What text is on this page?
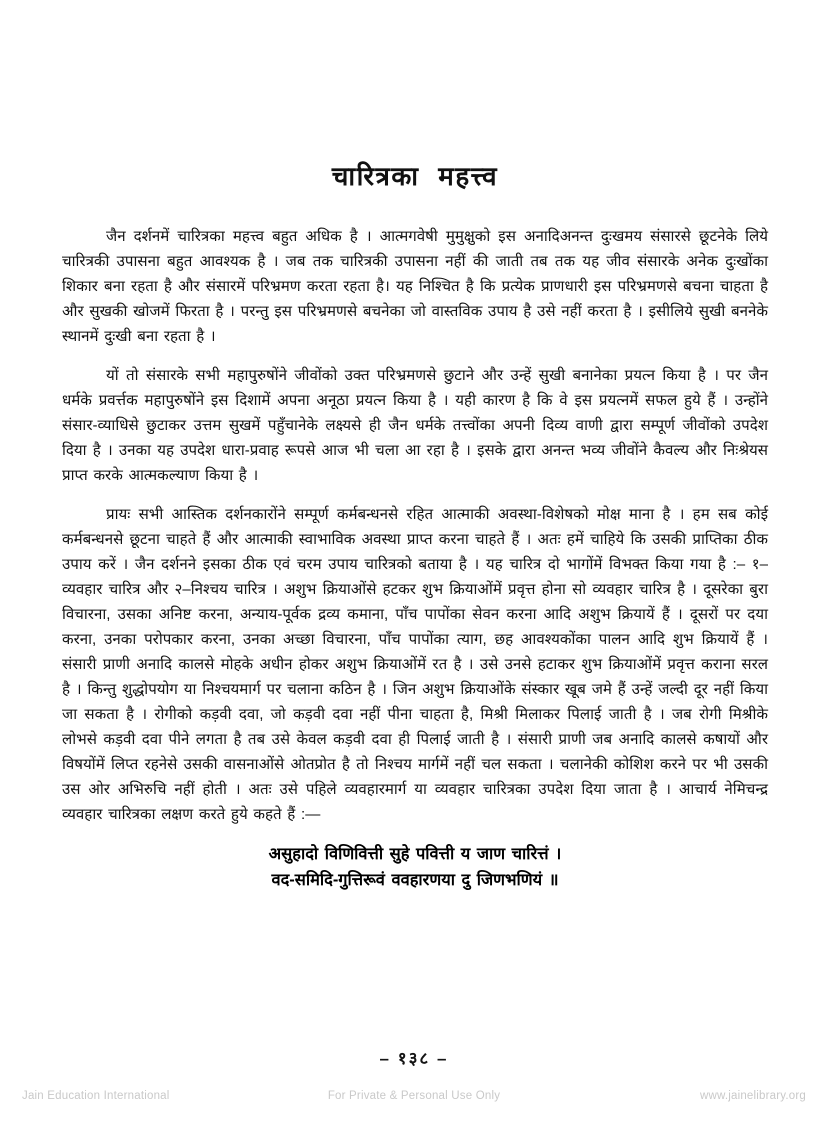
चारित्रका महत्त्व

जैन दर्शनमें चारित्रका महत्त्व बहुत अधिक है । आत्मगवेषी मुमुक्षुको इस अनादिअनन्त दुःखमय संसारसे छूटनेके लिये चारित्रकी उपासना बहुत आवश्यक है । जब तक चारित्रकी उपासना नहीं की जाती तब तक यह जीव संसारके अनेक दुःखोंका शिकार बना रहता है और संसारमें परिभ्रमण करता रहता है। यह निश्चित है कि प्रत्येक प्राणधारी इस परिभ्रमणसे बचना चाहता है और सुखकी खोजमें फिरता है । परन्तु इस परिभ्रमणसे बचनेका जो वास्तविक उपाय है उसे नहीं करता है । इसीलिये सुखी बननेके स्थानमें दुःखी बना रहता है ।

यों तो संसारके सभी महापुरुषोंने जीवोंको उक्त परिभ्रमणसे छुटाने और उन्हें सुखी बनानेका प्रयत्न किया है । पर जैन धर्मके प्रवर्त्तक महापुरुषोंने इस दिशामें अपना अनूठा प्रयत्न किया है । यही कारण है कि वे इस प्रयत्नमें सफल हुये हैं । उन्होंने संसार-व्याधिसे छुटाकर उत्तम सुखमें पहुँचानेके लक्ष्यसे ही जैन धर्मके तत्त्वोंका अपनी दिव्य वाणी द्वारा सम्पूर्ण जीवोंको उपदेश दिया है । उनका यह उपदेश धारा-प्रवाह रूपसे आज भी चला आ रहा है । इसके द्वारा अनन्त भव्य जीवोंने कैवल्य और निःश्रेयस प्राप्त करके आत्मकल्याण किया है ।

प्रायः सभी आस्तिक दर्शनकारोंने सम्पूर्ण कर्मबन्धनसे रहित आत्माकी अवस्था-विशेषको मोक्ष माना है । हम सब कोई कर्मबन्धनसे छूटना चाहते हैं और आत्माकी स्वाभाविक अवस्था प्राप्त करना चाहते हैं । अतः हमें चाहिये कि उसकी प्राप्तिका ठीक उपाय करें । जैन दर्शनने इसका ठीक एवं चरम उपाय चारित्रको बताया है । यह चारित्र दो भागोंमें विभक्त किया गया है :– १–व्यवहार चारित्र और २–निश्चय चारित्र । अशुभ क्रियाओंसे हटकर शुभ क्रियाओंमें प्रवृत्त होना सो व्यवहार चारित्र है । दूसरेका बुरा विचारना, उसका अनिष्ट करना, अन्याय-पूर्वक द्रव्य कमाना, पाँच पापोंका सेवन करना आदि अशुभ क्रियायें हैं । दूसरों पर दया करना, उनका परोपकार करना, उनका अच्छा विचारना, पाँच पापोंका त्याग, छह आवश्यकोंका पालन आदि शुभ क्रियायें हैं । संसारी प्राणी अनादि कालसे मोहके अधीन होकर अशुभ क्रियाओंमें रत है । उसे उनसे हटाकर शुभ क्रियाओंमें प्रवृत्त कराना सरल है । किन्तु शुद्धोपयोग या निश्चयमार्ग पर चलाना कठिन है । जिन अशुभ क्रियाओंके संस्कार खूब जमे हैं उन्हें जल्दी दूर नहीं किया जा सकता है । रोगीको कड़वी दवा, जो कड़वी दवा नहीं पीना चाहता है, मिश्री मिलाकर पिलाई जाती है । जब रोगी मिश्रीके लोभसे कड़वी दवा पीने लगता है तब उसे केवल कड़वी दवा ही पिलाई जाती है । संसारी प्राणी जब अनादि कालसे कषायों और विषयोंमें लिप्त रहनेसे उसकी वासनाओंसे ओतप्रोत है तो निश्चय मार्गमें नहीं चल सकता । चलानेकी कोशिश करने पर भी उसकी उस ओर अभिरुचि नहीं होती । अतः उसे पहिले व्यवहारमार्ग या व्यवहार चारित्रका उपदेश दिया जाता है । आचार्य नेमिचन्द्र व्यवहार चारित्रका लक्षण करते हुये कहते हैं :—

असुहादो विणिवित्ती सुहे पवित्ती य जाण चारित्तं ।
वद-समिदि-गुत्तिरूवं ववहारणया दु जिणभणियं ॥
– १३८ –
Jain Education International	For Private & Personal Use Only	www.jainelibrary.org
